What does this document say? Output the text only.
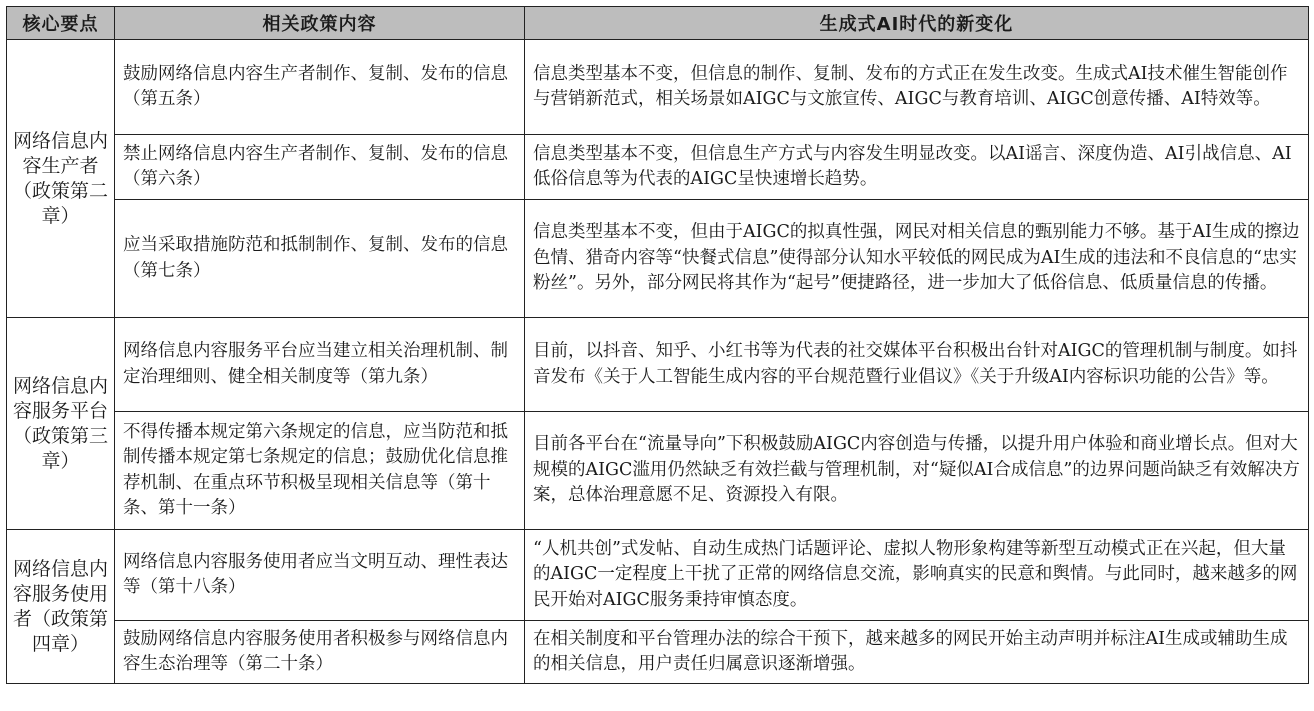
核心要点	相关政策内容	生成式AI时代的新变化
网络信息内容生产者（政策第二章）	鼓励网络信息内容生产者制作、复制、发布的信息（第五条）	信息类型基本不变，但信息的制作、复制、发布的方式正在发生改变。生成式AI技术催生智能创作与营销新范式，相关场景如AIGC与文旅宣传、AIGC与教育培训、AIGC创意传播、AI特效等。
	禁止网络信息内容生产者制作、复制、发布的信息（第六条）	信息类型基本不变，但信息生产方式与内容发生明显改变。以AI谣言、深度伪造、AI引战信息、AI低俗信息等为代表的AIGC呈快速增长趋势。
	应当采取措施防范和抵制制作、复制、发布的信息（第七条）	信息类型基本不变，但由于AIGC的拟真性强，网民对相关信息的甄别能力不够。基于AI生成的擦边色情、猎奇内容等“快餐式信息”使得部分认知水平较低的网民成为AI生成的违法和不良信息的“忠实粉丝”。另外，部分网民将其作为“起号”便捷路径，进一步加大了低俗信息、低质量信息的传播。
网络信息内容服务平台（政策第三章）	网络信息内容服务平台应当建立相关治理机制、制定治理细则、健全相关制度等（第九条）	目前，以抖音、知乎、小红书等为代表的社交媒体平台积极出台针对AIGC的管理机制与制度。如抖音发布《关于人工智能生成内容的平台规范暨行业倡议》《关于升级AI内容标识功能的公告》等。
	不得传播本规定第六条规定的信息，应当防范和抵制传播本规定第七条规定的信息；鼓励优化信息推荐机制、在重点环节积极呈现相关信息等（第十条、第十一条）	目前各平台在“流量导向”下积极鼓励AIGC内容创造与传播，以提升用户体验和商业增长点。但对大规模的AIGC滥用仍然缺乏有效拦截与管理机制，对“疑似AI合成信息”的边界问题尚缺乏有效解决方案，总体治理意愿不足、资源投入有限。
网络信息内容服务使用者（政策第四章）	网络信息内容服务使用者应当文明互动、理性表达等（第十八条）	“人机共创”式发帖、自动生成热门话题评论、虚拟人物形象构建等新型互动模式正在兴起，但大量的AIGC一定程度上干扰了正常的网络信息交流，影响真实的民意和舆情。与此同时，越来越多的网民开始对AIGC服务秉持审慎态度。
	鼓励网络信息内容服务使用者积极参与网络信息内容生态治理等（第二十条）	在相关制度和平台管理办法的综合干预下，越来越多的网民开始主动声明并标注AI生成或辅助生成的相关信息，用户责任归属意识逐渐增强。
